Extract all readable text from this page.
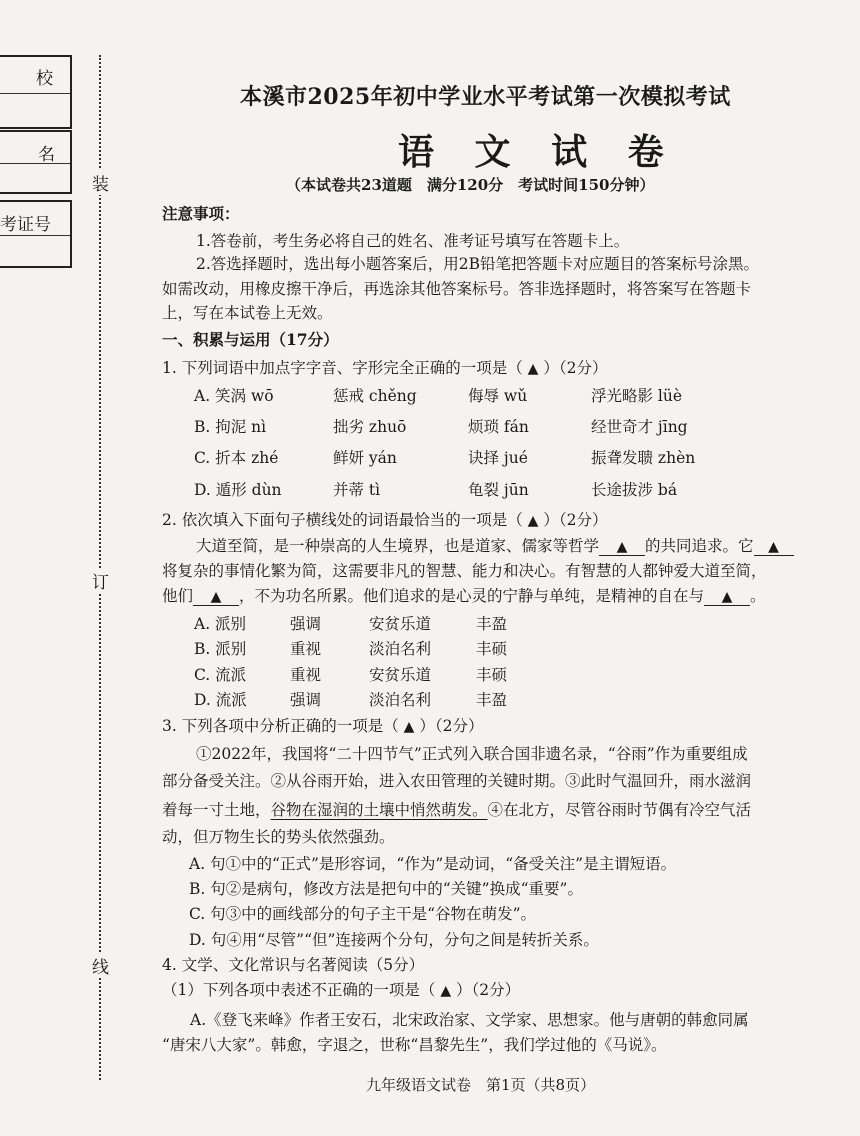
校
名
考证号
装
订
线
本溪市2025年初中学业水平考试第一次模拟考试
语 文 试 卷
（本试卷共23道题　满分120分　考试时间150分钟）
注意事项：
1.答卷前，考生务必将自己的姓名、准考证号填写在答题卡上。
2.答选择题时，选出每小题答案后，用2B铅笔把答题卡对应题目的答案标号涂黑。
如需改动，用橡皮擦干净后，再选涂其他答案标号。答非选择题时，将答案写在答题卡
上，写在本试卷上无效。
一、积累与运用（17分）
1. 下列词语中加点字字音、字形完全正确的一项是（ ▲ ）（2分）
A. 笑涡 wō	惩戒 chěng	侮辱 wǔ	浮光略影 lüè
B. 拘泥 nì	拙劣 zhuō	烦琐 fán	经世奇才 jīng
C. 折本 zhé	鲜妍 yán	诀择 jué	振聋发聩 zhèn
D. 遁形 dùn	并蒂 tì	龟裂 jūn	长途拔涉 bá
2. 依次填入下面句子横线处的词语最恰当的一项是（ ▲ ）（2分）
大道至简，是一种崇高的人生境界，也是道家、儒家等哲学 ▲ 的共同追求。它 ▲
将复杂的事情化繁为简，这需要非凡的智慧、能力和决心。有智慧的人都钟爱大道至简，
他们 ▲ ，不为功名所累。他们追求的是心灵的宁静与单纯，是精神的自在与 ▲ 。
A. 派别	强调	安贫乐道	丰盈
B. 派别	重视	淡泊名利	丰硕
C. 流派	重视	安贫乐道	丰硕
D. 流派	强调	淡泊名利	丰盈
3. 下列各项中分析正确的一项是（ ▲ ）（2分）
①2022年，我国将“二十四节气”正式列入联合国非遗名录，“谷雨”作为重要组成
部分备受关注。②从谷雨开始，进入农田管理的关键时期。③此时气温回升，雨水滋润
着每一寸土地，谷物在湿润的土壤中悄然萌发。④在北方，尽管谷雨时节偶有冷空气活
动，但万物生长的势头依然强劲。
A. 句①中的“正式”是形容词，“作为”是动词，“备受关注”是主谓短语。
B. 句②是病句，修改方法是把句中的“关键”换成“重要”。
C. 句③中的画线部分的句子主干是“谷物在萌发”。
D. 句④用“尽管”“但”连接两个分句，分句之间是转折关系。
4. 文学、文化常识与名著阅读（5分）
（1）下列各项中表述不正确的一项是（ ▲ ）（2分）
A.《登飞来峰》作者王安石，北宋政治家、文学家、思想家。他与唐朝的韩愈同属
“唐宋八大家”。韩愈，字退之，世称“昌黎先生”，我们学过他的《马说》。
九年级语文试卷　第1页（共8页）
